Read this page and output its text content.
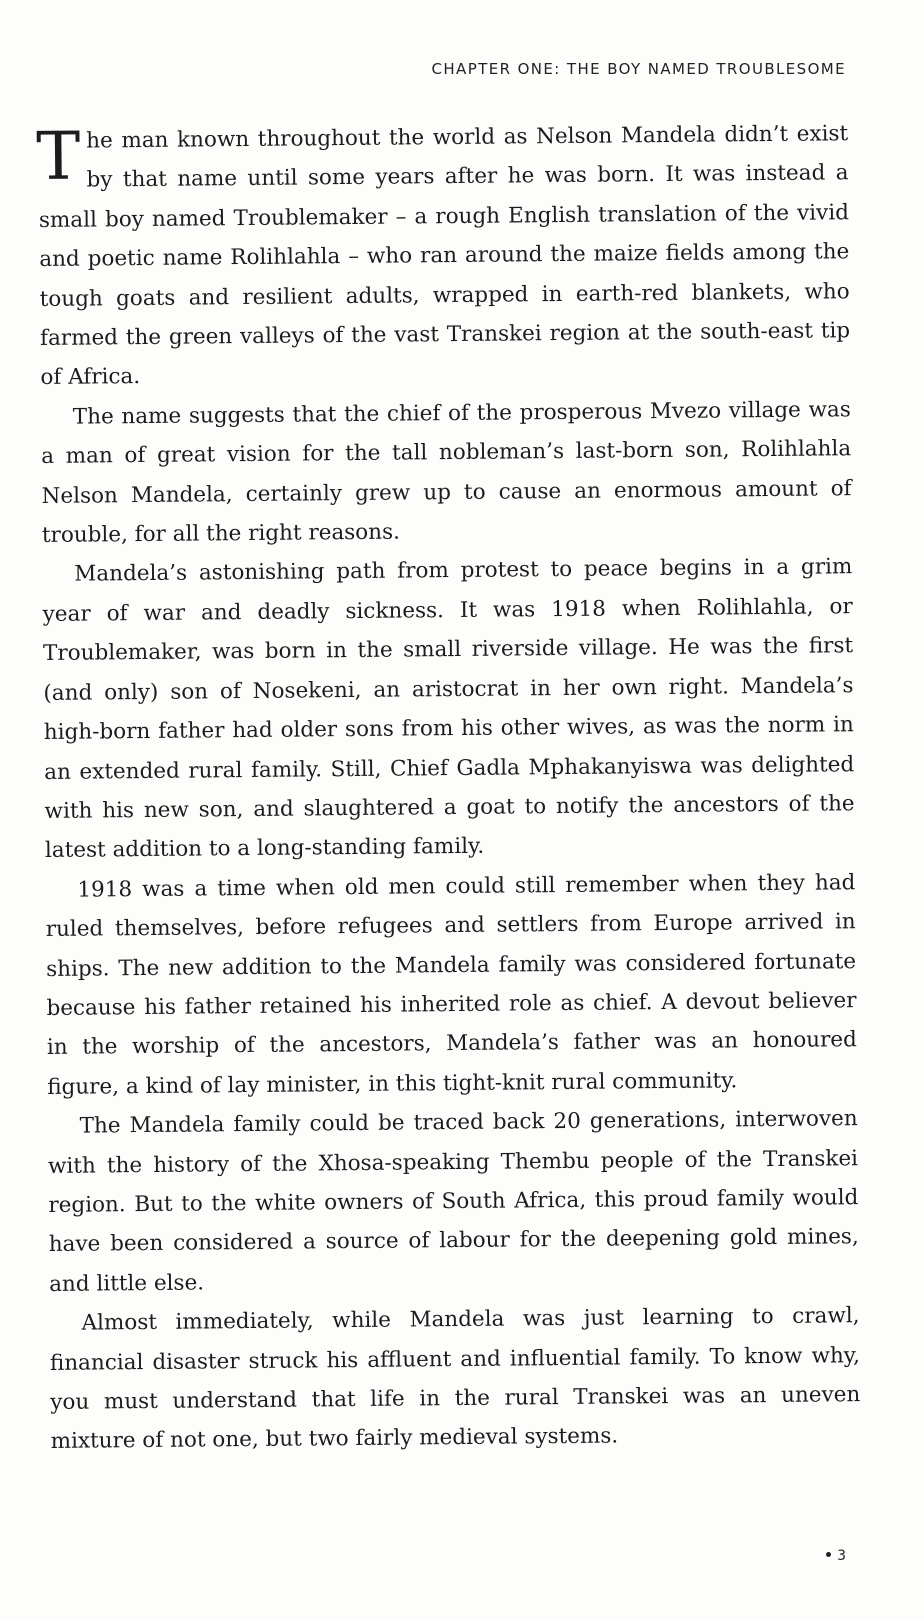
CHAPTER ONE: THE BOY NAMED TROUBLESOME

The man known throughout the world as Nelson Mandela didn’t exist by that name until some years after he was born. It was instead a small boy named Troublemaker – a rough English translation of the vivid and poetic name Rolihlahla – who ran around the maize fields among the tough goats and resilient adults, wrapped in earth-red blankets, who farmed the green valleys of the vast Transkei region at the south-east tip of Africa.

The name suggests that the chief of the prosperous Mvezo village was a man of great vision for the tall nobleman’s last-born son, Rolihlahla Nelson Mandela, certainly grew up to cause an enormous amount of trouble, for all the right reasons.

Mandela’s astonishing path from protest to peace begins in a grim year of war and deadly sickness. It was 1918 when Rolihlahla, or Troublemaker, was born in the small riverside village. He was the first (and only) son of Nosekeni, an aristocrat in her own right. Mandela’s high-born father had older sons from his other wives, as was the norm in an extended rural family. Still, Chief Gadla Mphakanyiswa was delighted with his new son, and slaughtered a goat to notify the ancestors of the latest addition to a long-standing family.

1918 was a time when old men could still remember when they had ruled themselves, before refugees and settlers from Europe arrived in ships. The new addition to the Mandela family was considered fortunate because his father retained his inherited role as chief. A devout believer in the worship of the ancestors, Mandela’s father was an honoured figure, a kind of lay minister, in this tight-knit rural community.

The Mandela family could be traced back 20 generations, interwoven with the history of the Xhosa-speaking Thembu people of the Transkei region. But to the white owners of South Africa, this proud family would have been considered a source of labour for the deepening gold mines, and little else.

Almost immediately, while Mandela was just learning to crawl, financial disaster struck his affluent and influential family. To know why, you must understand that life in the rural Transkei was an uneven mixture of not one, but two fairly medieval systems.

3
